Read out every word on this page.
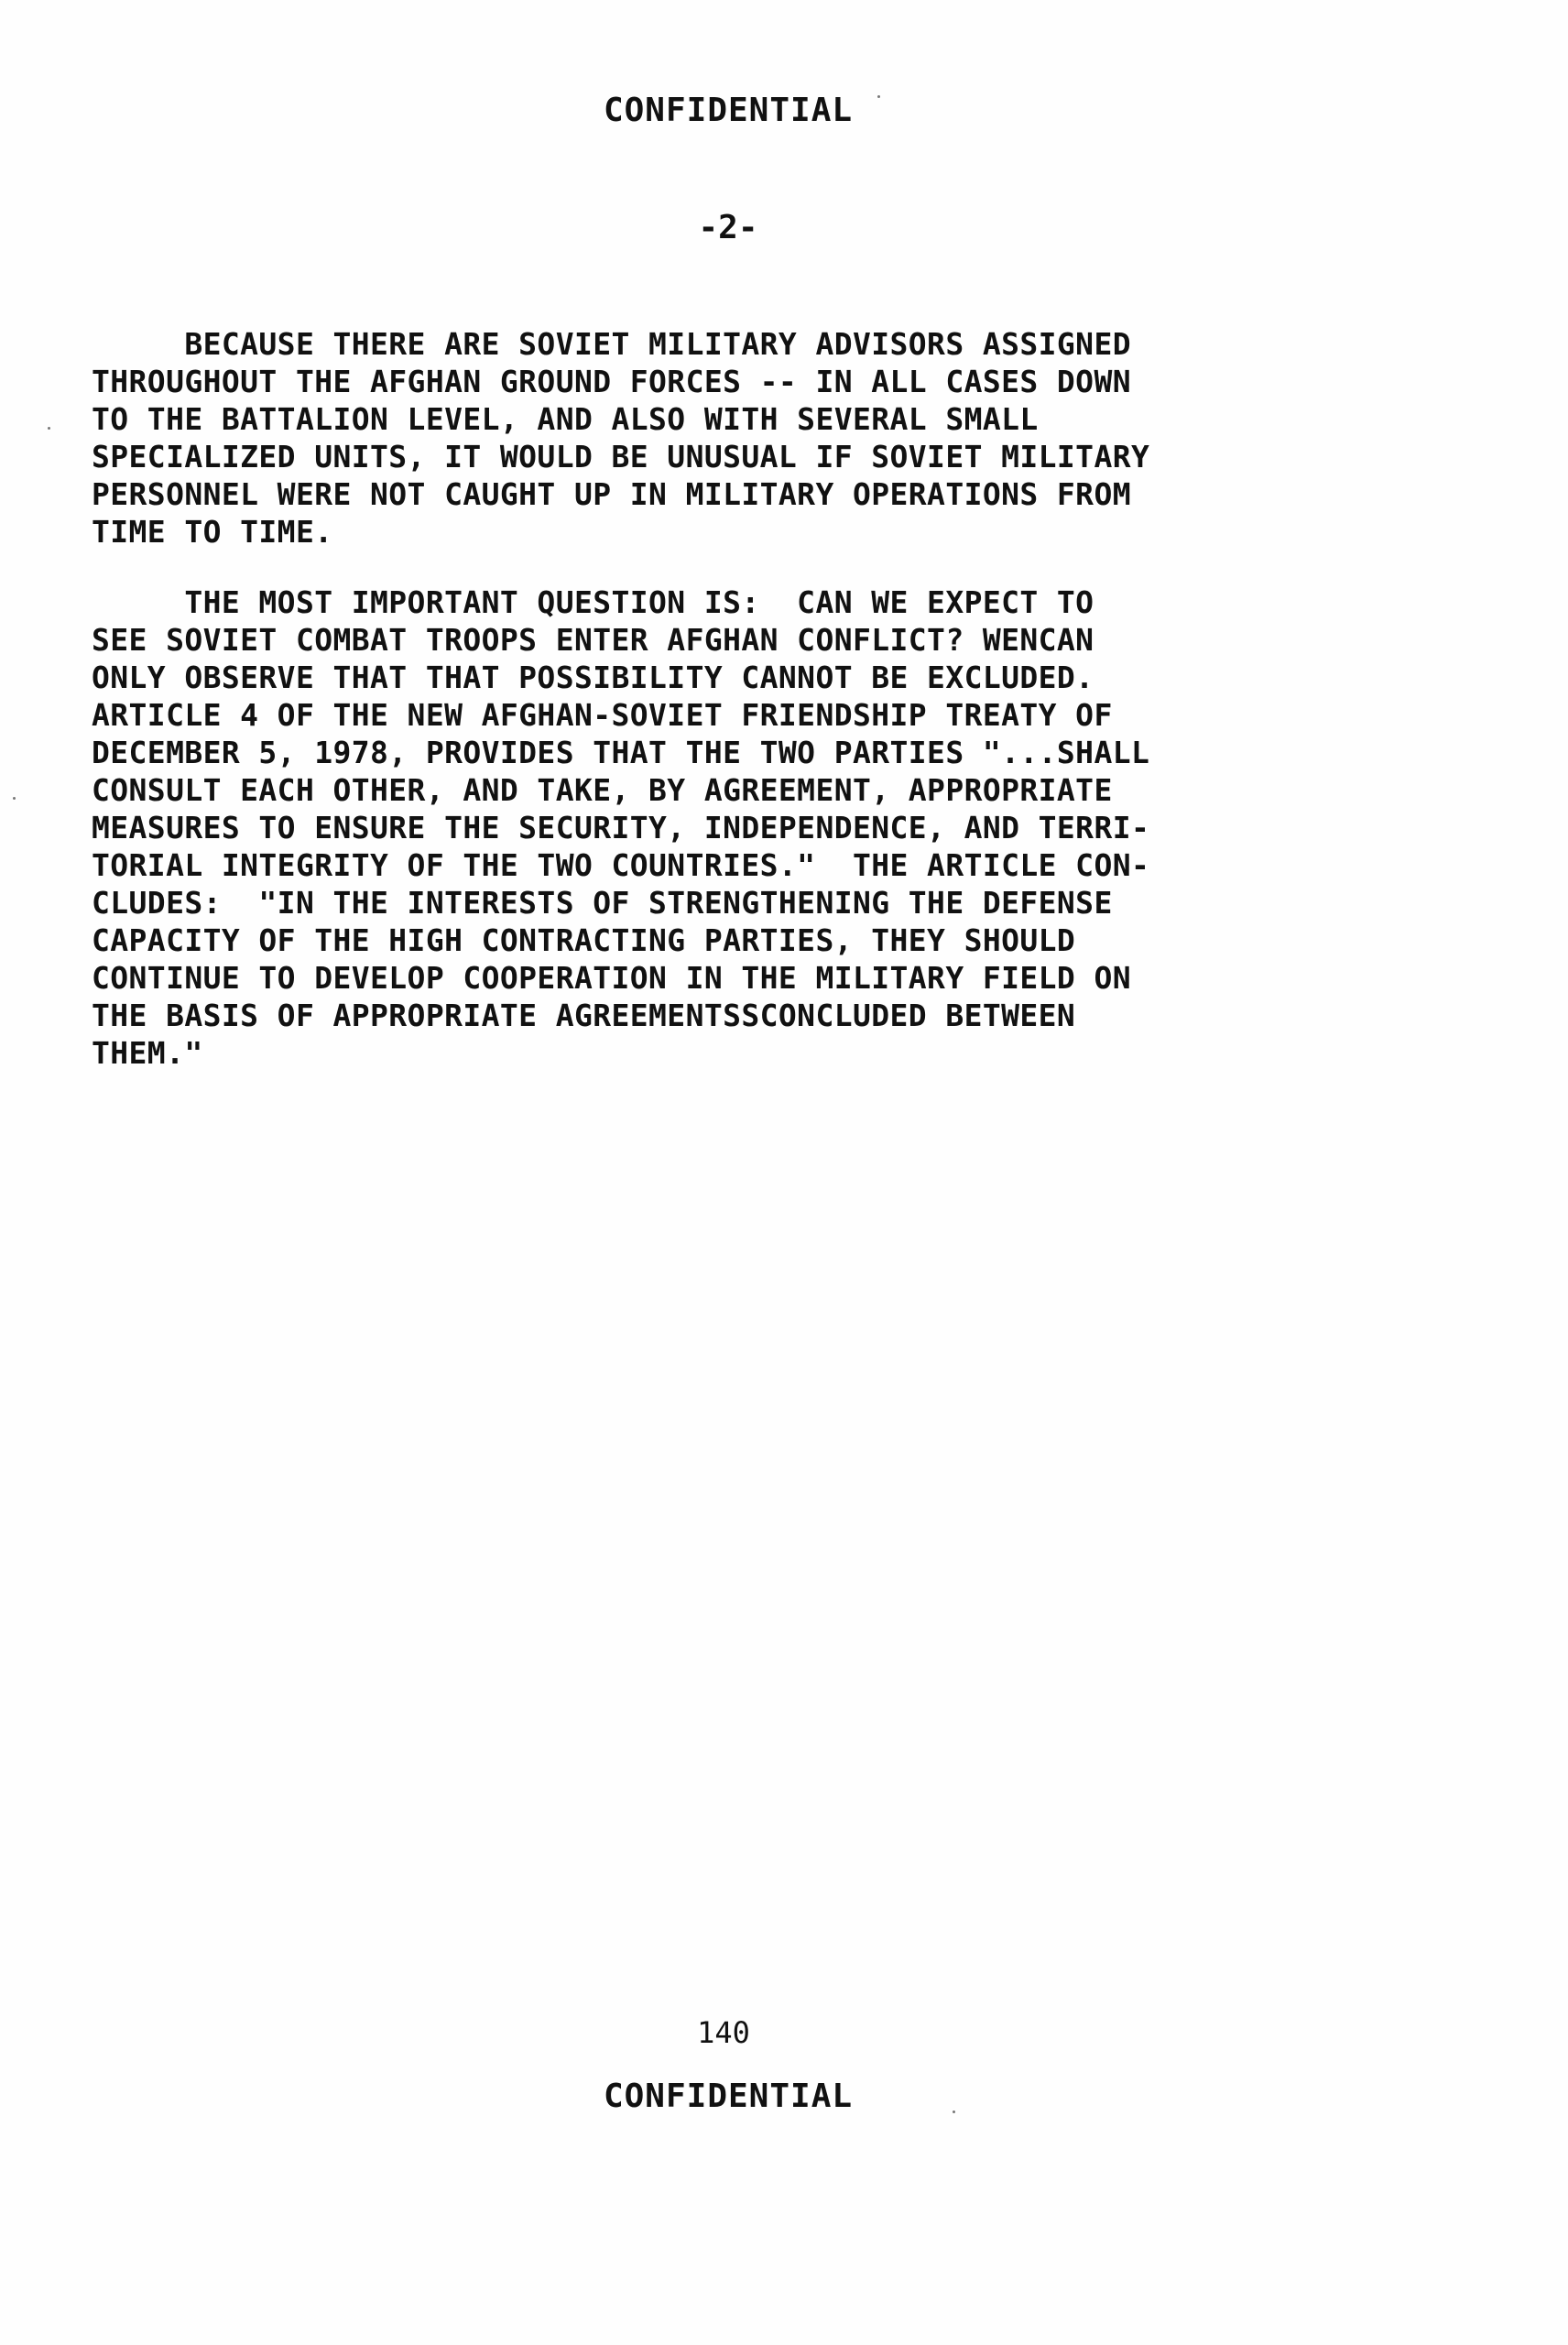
CONFIDENTIAL
-2-
BECAUSE THERE ARE SOVIET MILITARY ADVISORS ASSIGNED
THROUGHOUT THE AFGHAN GROUND FORCES -- IN ALL CASES DOWN
TO THE BATTALION LEVEL, AND ALSO WITH SEVERAL SMALL
SPECIALIZED UNITS, IT WOULD BE UNUSUAL IF SOVIET MILITARY
PERSONNEL WERE NOT CAUGHT UP IN MILITARY OPERATIONS FROM
TIME TO TIME.
THE MOST IMPORTANT QUESTION IS:  CAN WE EXPECT TO
SEE SOVIET COMBAT TROOPS ENTER AFGHAN CONFLICT? WENCAN
ONLY OBSERVE THAT THAT POSSIBILITY CANNOT BE EXCLUDED.
ARTICLE 4 OF THE NEW AFGHAN-SOVIET FRIENDSHIP TREATY OF
DECEMBER 5, 1978, PROVIDES THAT THE TWO PARTIES "...SHALL
CONSULT EACH OTHER, AND TAKE, BY AGREEMENT, APPROPRIATE
MEASURES TO ENSURE THE SECURITY, INDEPENDENCE, AND TERRI-
TORIAL INTEGRITY OF THE TWO COUNTRIES."  THE ARTICLE CON-
CLUDES:  "IN THE INTERESTS OF STRENGTHENING THE DEFENSE
CAPACITY OF THE HIGH CONTRACTING PARTIES, THEY SHOULD
CONTINUE TO DEVELOP COOPERATION IN THE MILITARY FIELD ON
THE BASIS OF APPROPRIATE AGREEMENTSSCONCLUDED BETWEEN
THEM."
140
CONFIDENTIAL
